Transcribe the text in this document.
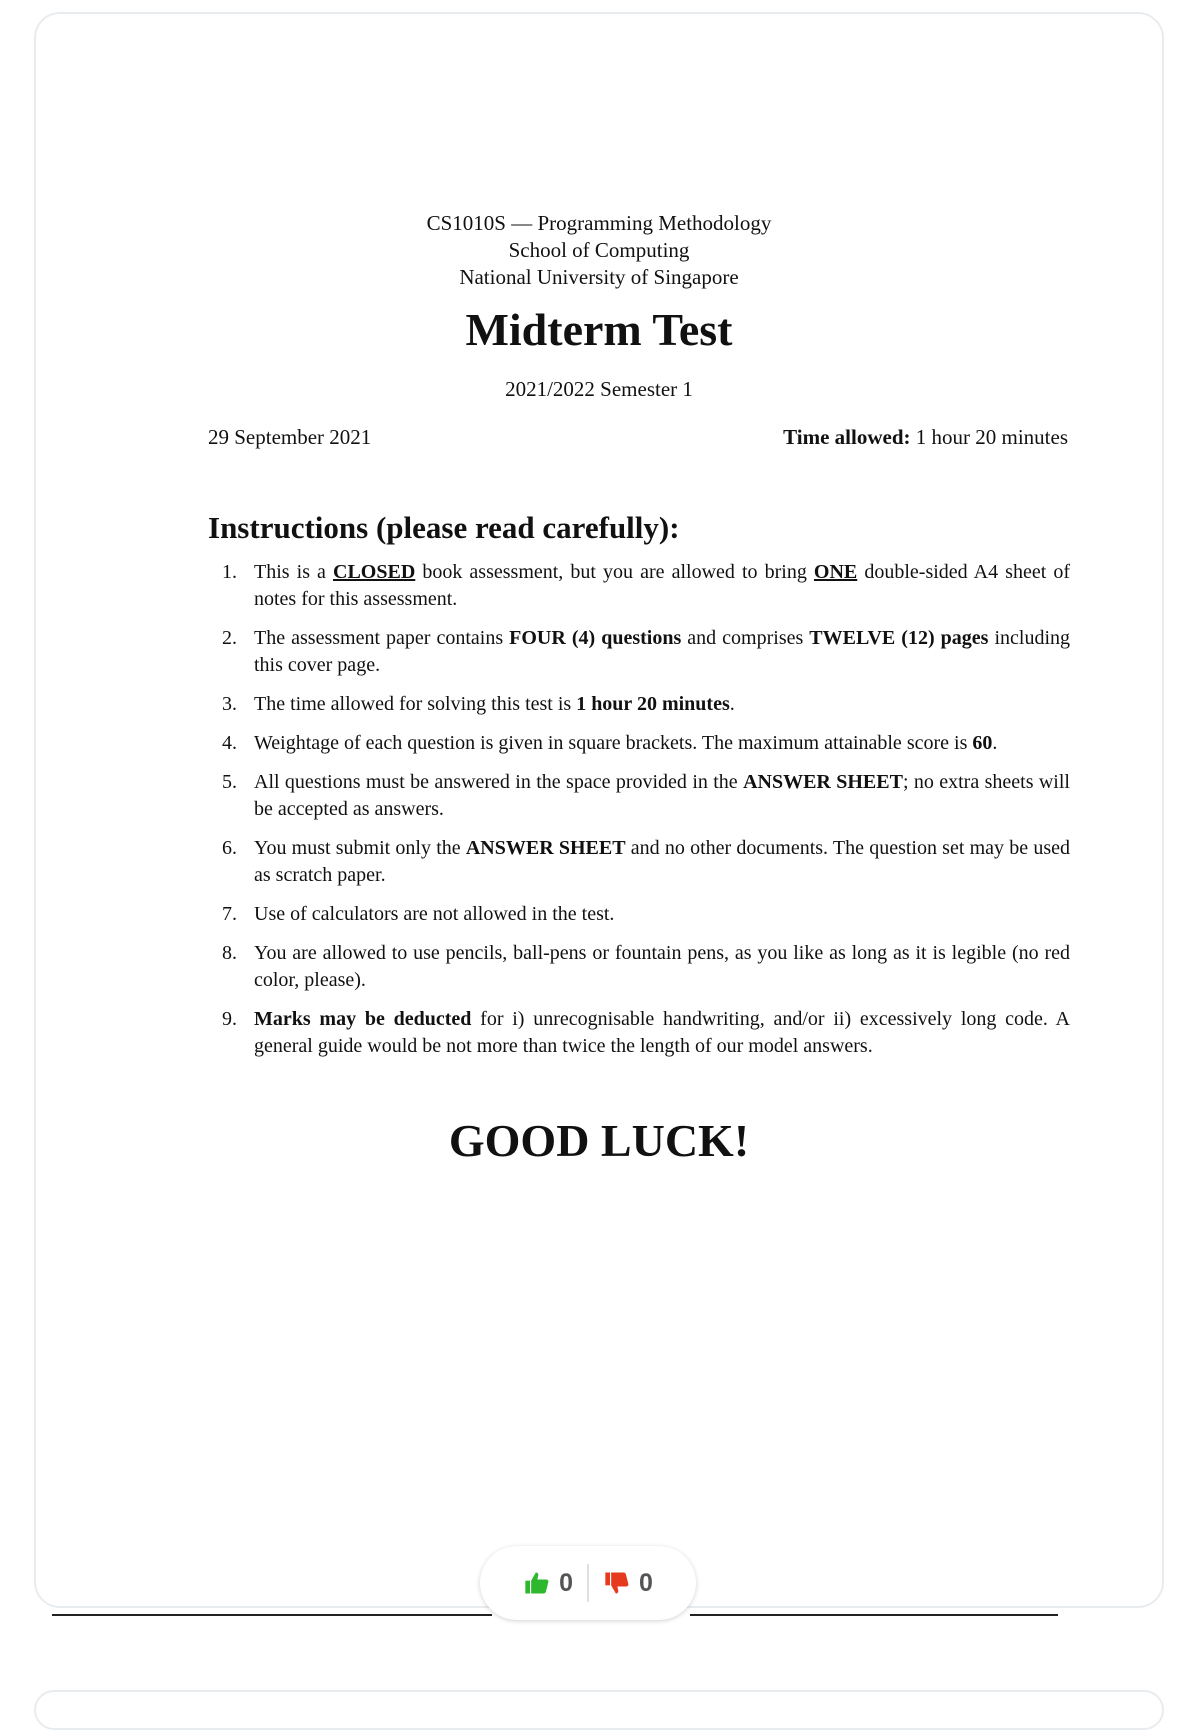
CS1010S — Programming Methodology
School of Computing
National University of Singapore
Midterm Test
2021/2022 Semester 1
29 September 2021	Time allowed: 1 hour 20 minutes
Instructions (please read carefully):
1. This is a CLOSED book assessment, but you are allowed to bring ONE double-sided A4 sheet of notes for this assessment.
2. The assessment paper contains FOUR (4) questions and comprises TWELVE (12) pages including this cover page.
3. The time allowed for solving this test is 1 hour 20 minutes.
4. Weightage of each question is given in square brackets. The maximum attainable score is 60.
5. All questions must be answered in the space provided in the ANSWER SHEET; no extra sheets will be accepted as answers.
6. You must submit only the ANSWER SHEET and no other documents. The question set may be used as scratch paper.
7. Use of calculators are not allowed in the test.
8. You are allowed to use pencils, ball-pens or fountain pens, as you like as long as it is legible (no red color, please).
9. Marks may be deducted for i) unrecognisable handwriting, and/or ii) excessively long code. A general guide would be not more than twice the length of our model answers.
GOOD LUCK!
0	0
